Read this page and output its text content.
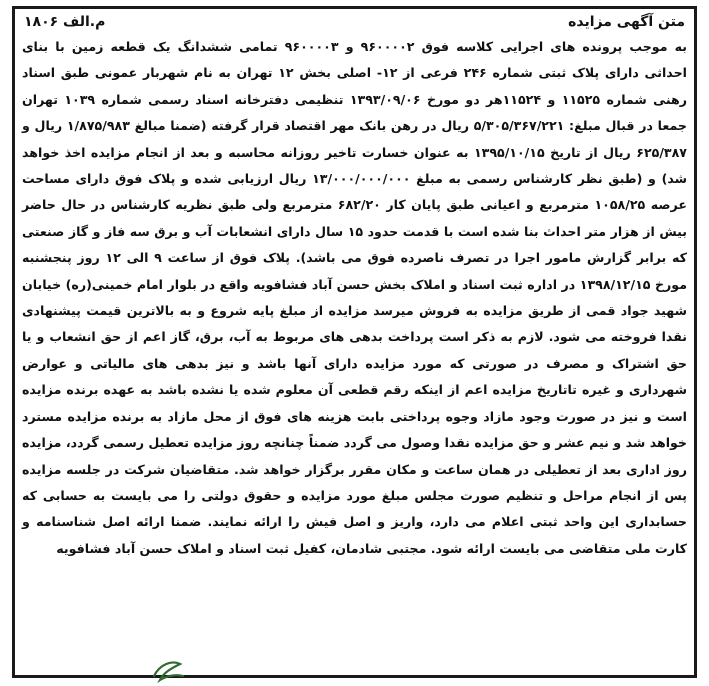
متن آگهی مزایده
م.الف ۱۸۰۶

به موجب پرونده های اجرایی کلاسه فوق ۹۶۰۰۰۰۲ و ۹۶۰۰۰۰۳ تمامی ششدانگ یک قطعه زمین با بنای احداثی دارای پلاک ثبتی شماره ۲۴۶ فرعی از ۱۲- اصلی بخش ۱۲ تهران به نام شهربار عمونی طبق اسناد رهنی شماره ۱۱۵۲۵ و ۱۱۵۲۴هر دو مورخ ۱۳۹۳/۰۹/۰۶ تنظیمی دفترخانه اسناد رسمی شماره ۱۰۳۹ تهران جمعا در قبال مبلغ: ۵/۳۰۵/۳۶۷/۲۲۱ ریال در رهن بانک مهر اقتصاد قرار گرفته (ضمنا مبالغ ۱/۸۷۵/۹۸۳ ریال و ۶۲۵/۳۸۷ ریال از تاریخ ۱۳۹۵/۱۰/۱۵ به عنوان خسارت تاخیر روزانه محاسبه و بعد از انجام مزایده اخذ خواهد شد) و (طبق نظر کارشناس رسمی به مبلغ ۱۳/۰۰۰/۰۰۰/۰۰۰ ریال ارزیابی شده و پلاک فوق دارای مساحت عرصه ۱۰۵۸/۲۵ مترمربع و اعیانی طبق پایان کار ۶۸۲/۲۰ مترمربع ولی طبق نظریه کارشناس در حال حاضر بیش از هزار متر احداث بنا شده است با قدمت حدود ۱۵ سال دارای انشعابات آب و برق سه فاز و گاز صنعتی که برابر گزارش مامور اجرا در تصرف ناصرده فوق می باشد). پلاک فوق از ساعت ۹ الی ۱۲ روز پنجشنبه مورخ ۱۳۹۸/۱۲/۱۵ در اداره ثبت اسناد و املاک بخش حسن آباد فشافویه واقع در بلوار امام خمینی(ره) خیابان شهید جواد قمی از طریق مزایده به فروش میرسد مزایده از مبلغ پایه شروع و به بالاترین قیمت پیشنهادی نقدا فروخته می شود. لازم به ذکر است پرداخت بدهی های مربوط به آب، برق، گاز اعم از حق انشعاب و یا حق اشتراک و مصرف در صورتی که مورد مزایده دارای آنها باشد و نیز بدهی های مالیاتی و عوارض شهرداری و غیره تاتاریخ مزایده اعم از اینکه رقم قطعی آن معلوم شده یا نشده باشد به عهده برنده مزایده است و نیز در صورت وجود مازاد وجوه پرداختی بابت هزینه های فوق از محل مازاد به برنده مزایده مسترد خواهد شد و نیم عشر و حق مزایده نقدا وصول می گردد ضمناً چنانچه روز مزایده تعطیل رسمی گردد، مزایده روز اداری بعد از تعطیلی در همان ساعت و مکان مقرر برگزار خواهد شد. متقاضیان شرکت در جلسه مزایده پس از انجام مراحل و تنظیم صورت مجلس مبلغ مورد مزایده و حقوق دولتی را می بایست به حسابی که حسابداری این واحد ثبتی اعلام می دارد، واریز و اصل فیش را ارائه نمایند. ضمنا ارائه اصل شناسنامه و کارت ملی متقاضی می بایست ارائه شود. مجتبی شادمان، کفیل ثبت اسناد و املاک حسن آباد فشافویه
